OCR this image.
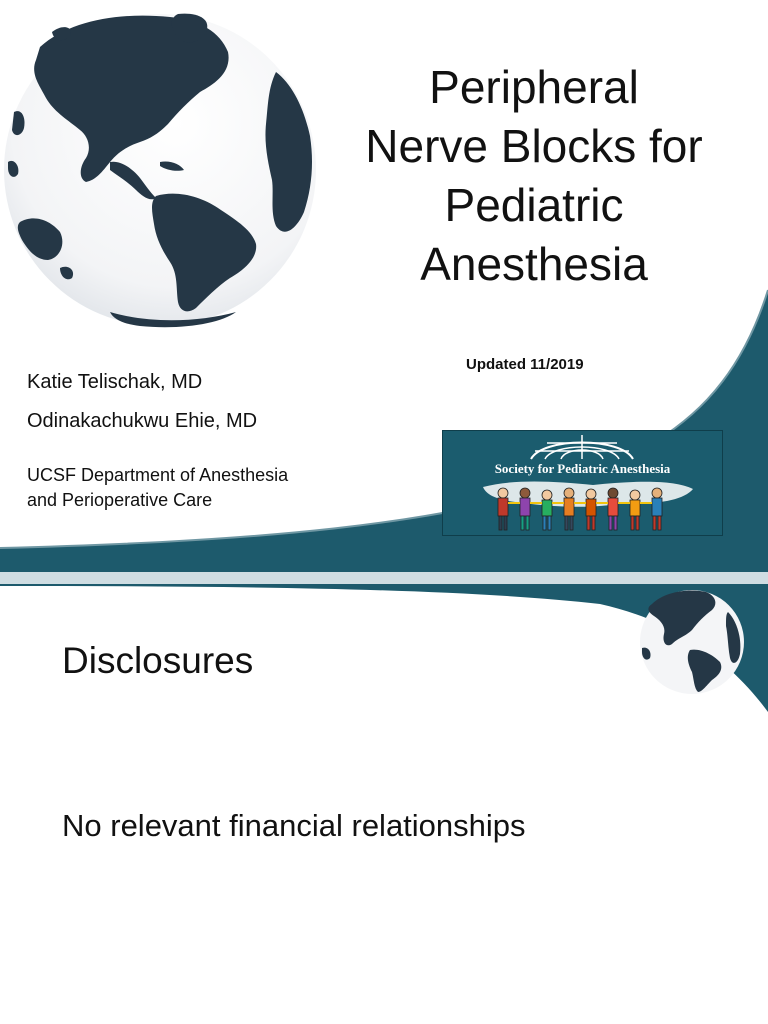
Peripheral
Nerve Blocks for
Pediatric
Anesthesia
Updated 11/2019
Katie Telischak, MD
Odinakachukwu Ehie, MD
UCSF Department of Anesthesia
and Perioperative Care
Society for Pediatric Anesthesia
Disclosures
No relevant financial relationships
